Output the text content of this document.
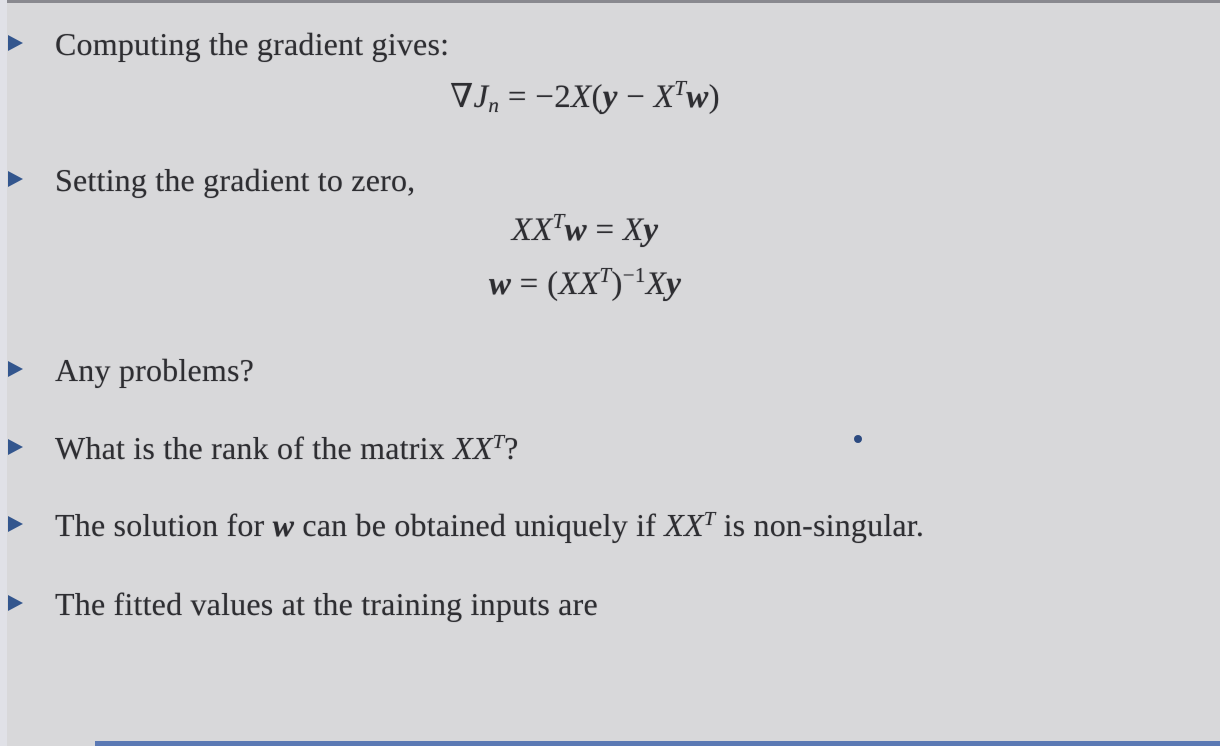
Computing the gradient gives:
$\nabla Jn = -2X(y - X^Tw)$
Setting the gradient to zero,
$XX^Tw = Xy$
$w = (XX^T)^{-1}Xy$
Any problems?
What is the rank of the matrix $XX^T$?
The solution for w can be obtained uniquely if $XX^T$ is non-singular.
The fitted values at the training inputs are
